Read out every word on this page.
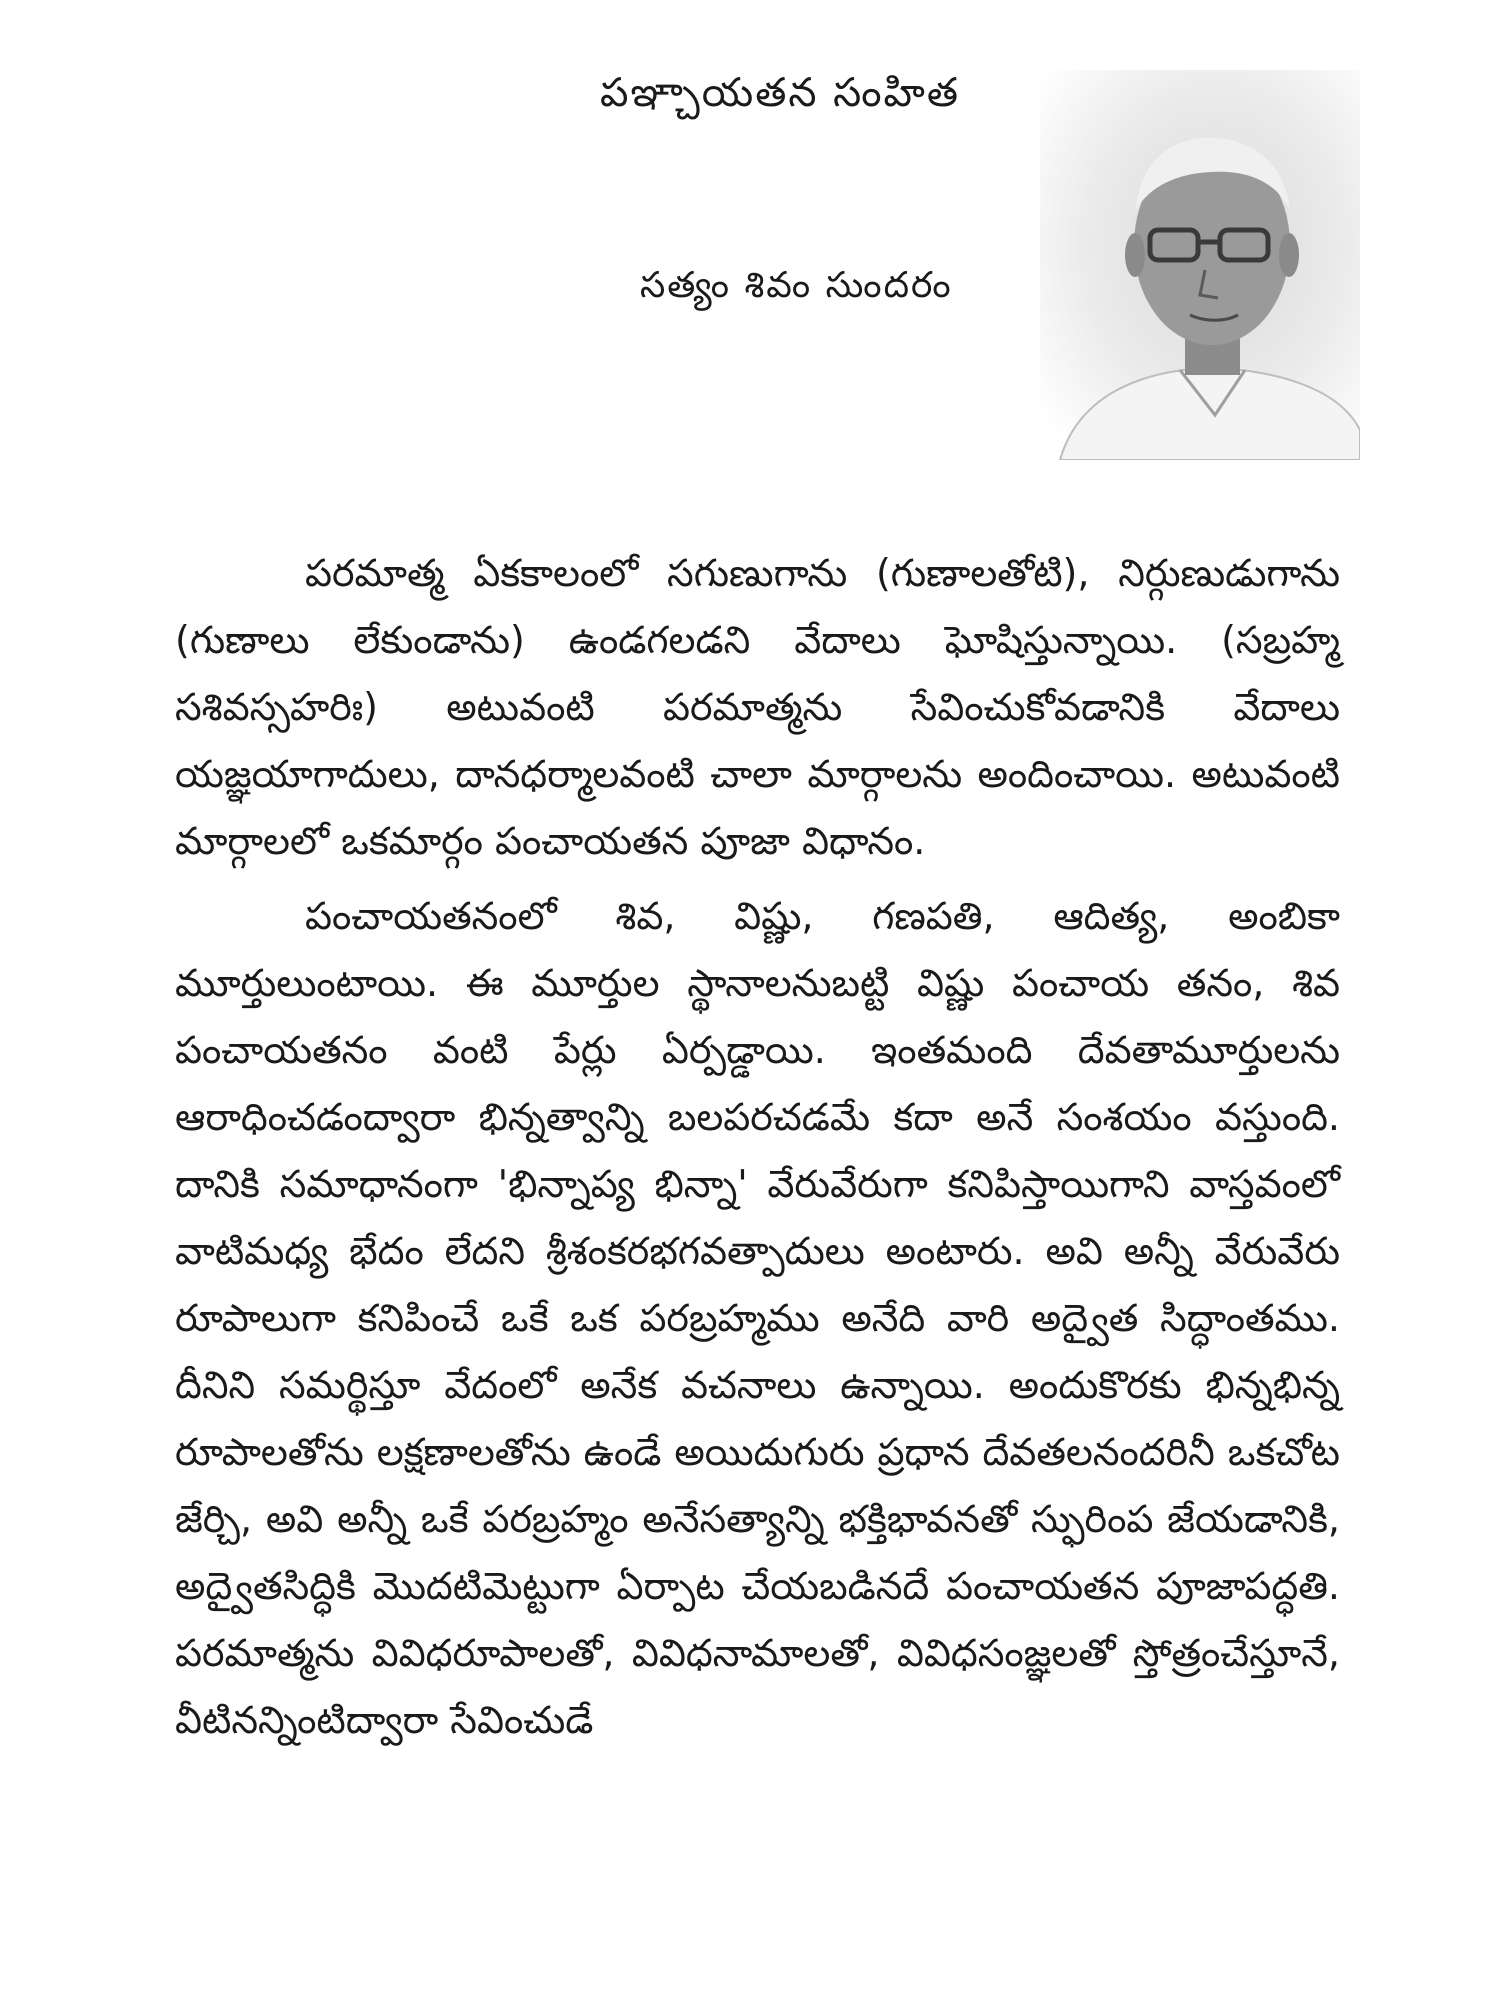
పఞ్చాయతన సంహిత
సత్యం శివం సుందరం

పరమాత్మ ఏకకాలంలో సగుణుగాను (గుణాలతోటి), నిర్గుణుడుగాను (గుణాలు లేకుండాను) ఉండగలడని వేదాలు ఘోషిస్తున్నాయి. (సబ్రహ్మ సశివస్సహరిః) అటువంటి పరమాత్మను సేవించుకోవడానికి వేదాలు యజ్ఞయాగాదులు, దానధర్మాలవంటి చాలా మార్గాలను అందించాయి. అటువంటి మార్గాలలో ఒకమార్గం పంచాయతన పూజా విధానం.

పంచాయతనంలో శివ, విష్ణు, గణపతి, ఆదిత్య, అంబికా మూర్తులుంటాయి. ఈ మూర్తుల స్థానాలనుబట్టి విష్ణు పంచాయ తనం, శివ పంచాయతనం వంటి పేర్లు ఏర్పడ్డాయి. ఇంతమంది దేవతామూర్తులను ఆరాధించడంద్వారా భిన్నత్వాన్ని బలపరచడమే కదా అనే సంశయం వస్తుంది. దానికి సమాధానంగా 'భిన్నాప్య భిన్నా' వేరువేరుగా కనిపిస్తాయిగాని వాస్తవంలో వాటిమధ్య భేదం లేదని శ్రీశంకరభగవత్పాదులు అంటారు. అవి అన్నీ వేరువేరు రూపాలుగా కనిపించే ఒకే ఒక పరబ్రహ్మము అనేది వారి అద్వైత సిద్ధాంతము. దీనిని సమర్థిస్తూ వేదంలో అనేక వచనాలు ఉన్నాయి. అందుకొరకు భిన్నభిన్న రూపాలతోను లక్షణాలతోను ఉండే అయిదుగురు ప్రధాన దేవతలనందరినీ ఒకచోట జేర్చి, అవి అన్నీ ఒకే పరబ్రహ్మం అనేసత్యాన్ని భక్తిభావనతో స్ఫురింప జేయడానికి, అద్వైతసిద్ధికి మొదటిమెట్టుగా ఏర్పాట చేయబడినదే పంచాయతన పూజాపద్ధతి. పరమాత్మను వివిధరూపాలతో, వివిధనామాలతో, వివిధసంజ్ఞలతో స్తోత్రంచేస్తూనే, వీటినన్నింటిద్వారా సేవించుడే
